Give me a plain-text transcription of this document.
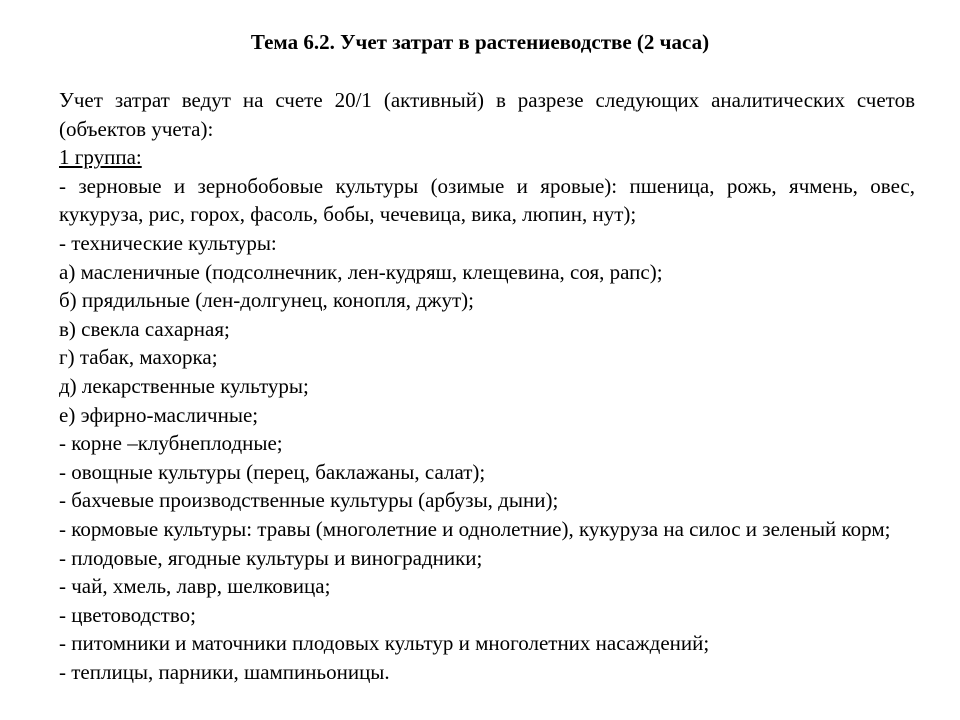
Тема 6.2. Учет затрат в растениеводстве (2 часа)

Учет затрат ведут на счете 20/1 (активный) в разрезе следующих аналитических счетов (объектов учета):

1 группа:

- зерновые и зернобобовые культуры (озимые и яровые): пшеница, рожь, ячмень, овес, кукуруза, рис, горох, фасоль, бобы, чечевица, вика, люпин, нут);

- технические культуры:

а) масленичные (подсолнечник, лен-кудряш, клещевина, соя, рапс);

б) прядильные (лен-долгунец, конопля, джут);

в) свекла сахарная;

г) табак, махорка;

д) лекарственные культуры;

е) эфирно-масличные;

- корне –клубнеплодные;

- овощные культуры (перец, баклажаны, салат);

- бахчевые производственные культуры (арбузы, дыни);

- кормовые культуры: травы (многолетние и однолетние), кукуруза на силос и зеленый корм;

- плодовые, ягодные культуры и виноградники;

- чай, хмель, лавр, шелковица;

- цветоводство;

- питомники и маточники плодовых культур и многолетних насаждений;

- теплицы, парники, шампиньоницы.
